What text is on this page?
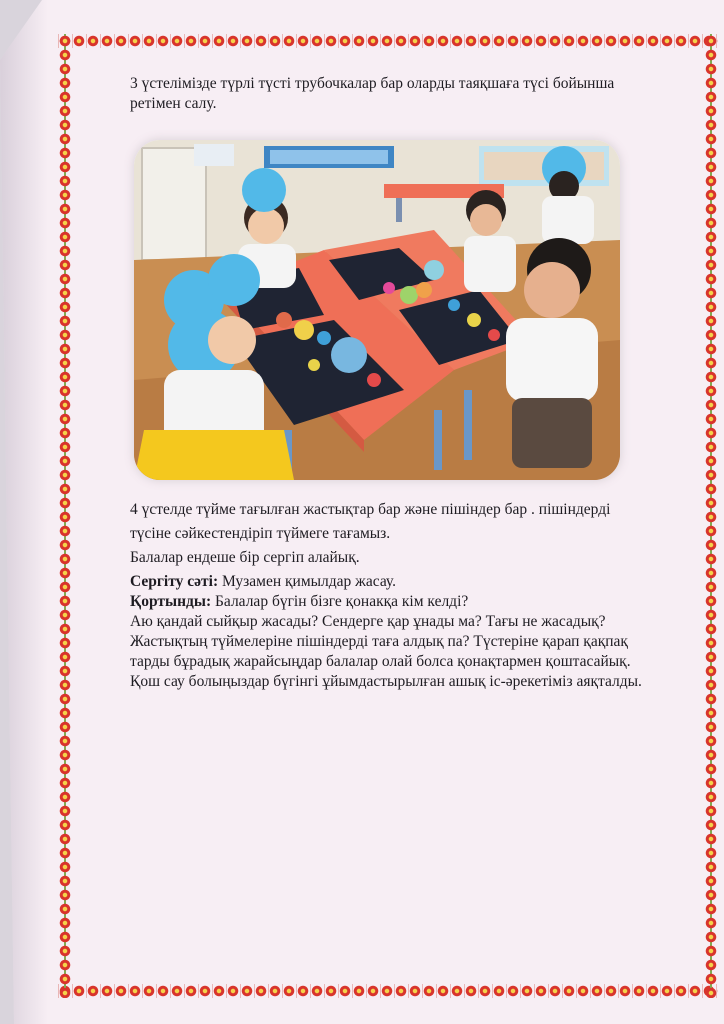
3 үстелімізде түрлі түсті трубочкалар бар оларды таяқшаға түсі бойынша
ретімен салу.
4 үстелде түйме тағылған жастықтар бар және пішіндер бар . пішіндерді
түсіне сәйкестендіріп түймеге тағамыз.
Балалар ендеше бір сергіп алайық.
Сергіту сәті: Музамен қимылдар жасау.
Қортынды: Балалар бүгін бізге қонакқа кім келді?
Аю қандай сыйқыр жасады? Сендерге қар ұнады ма? Тағы не жасадық?
Жастықтың түймелеріне пішіндерді таға алдық па? Түстеріне қарап қақпақ
тарды бұрадық жарайсыңдар балалар олай болса қонақтармен қоштасайық.
Қош сау болыңыздар бүгінгі ұйымдастырылған ашық іс-әрекетіміз аяқталды.
